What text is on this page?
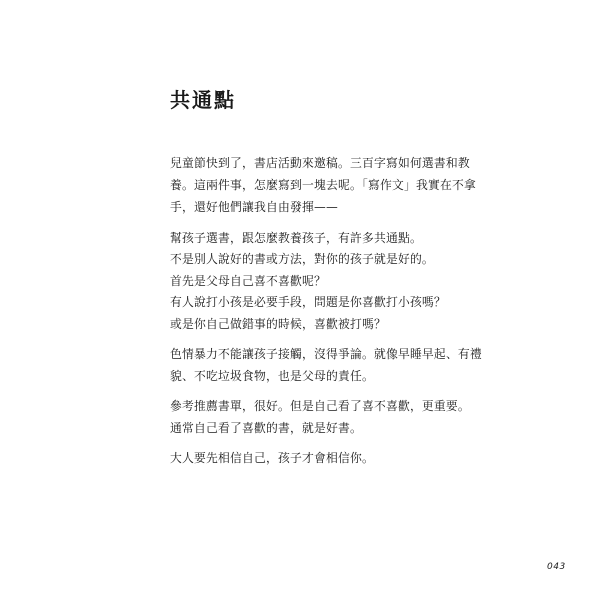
共通點
兒童節快到了，書店活動來邀稿。三百字寫如何選書和教
養。這兩件事，怎麼寫到一塊去呢。「寫作文」我實在不拿
手，還好他們讓我自由發揮——
幫孩子選書，跟怎麼教養孩子，有許多共通點。
不是別人說好的書或方法，對你的孩子就是好的。
首先是父母自己喜不喜歡呢？
有人說打小孩是必要手段，問題是你喜歡打小孩嗎？
或是你自己做錯事的時候，喜歡被打嗎？
色情暴力不能讓孩子接觸，沒得爭論。就像早睡早起、有禮
貌、不吃垃圾食物，也是父母的責任。
參考推薦書單，很好。但是自己看了喜不喜歡，更重要。
通常自己看了喜歡的書，就是好書。
大人要先相信自己，孩子才會相信你。
043
